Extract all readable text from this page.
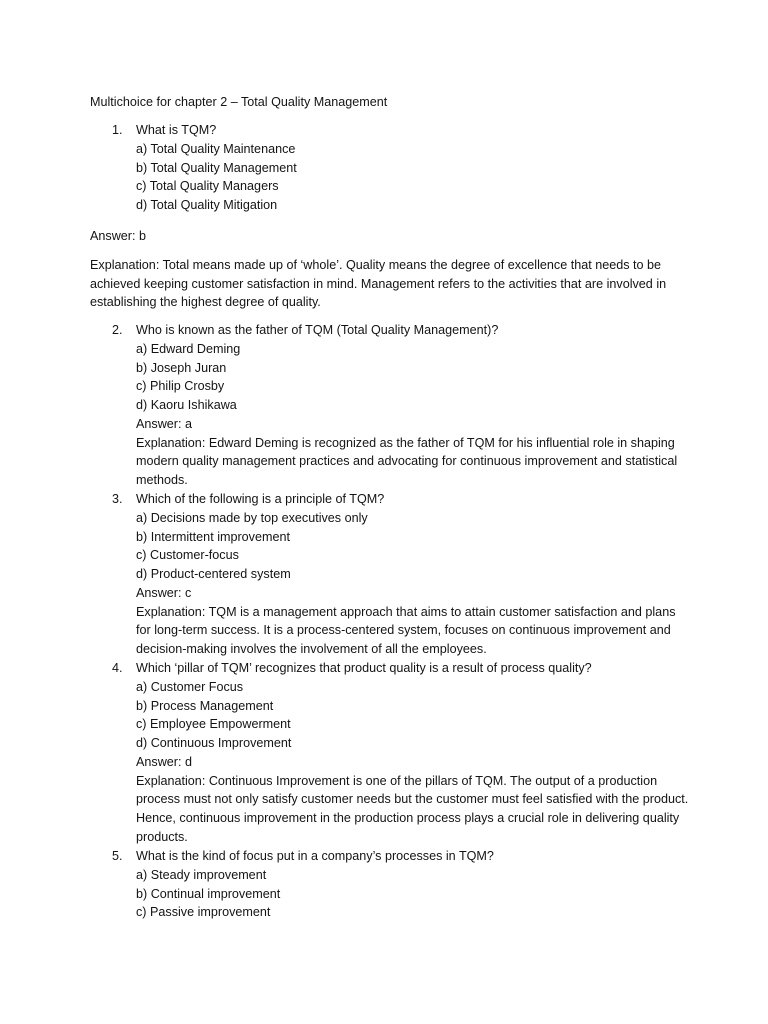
Multichoice for chapter 2 – Total Quality Management
1.	What is TQM?
a) Total Quality Maintenance
b) Total Quality Management
c) Total Quality Managers
d) Total Quality Mitigation
Answer: b
Explanation: Total means made up of ‘whole’. Quality means the degree of excellence that needs to be achieved keeping customer satisfaction in mind. Management refers to the activities that are involved in establishing the highest degree of quality.
2.	Who is known as the father of TQM (Total Quality Management)?
a) Edward Deming
b) Joseph Juran
c) Philip Crosby
d) Kaoru Ishikawa
Answer: a
Explanation: Edward Deming is recognized as the father of TQM for his influential role in shaping modern quality management practices and advocating for continuous improvement and statistical methods.
3.	Which of the following is a principle of TQM?
a) Decisions made by top executives only
b) Intermittent improvement
c) Customer-focus
d) Product-centered system
Answer: c
Explanation: TQM is a management approach that aims to attain customer satisfaction and plans for long-term success. It is a process-centered system, focuses on continuous improvement and decision-making involves the involvement of all the employees.
4.	Which ‘pillar of TQM’ recognizes that product quality is a result of process quality?
a) Customer Focus
b) Process Management
c) Employee Empowerment
d) Continuous Improvement
Answer: d
Explanation: Continuous Improvement is one of the pillars of TQM. The output of a production process must not only satisfy customer needs but the customer must feel satisfied with the product. Hence, continuous improvement in the production process plays a crucial role in delivering quality products.
5.	What is the kind of focus put in a company’s processes in TQM?
a) Steady improvement
b) Continual improvement
c) Passive improvement
